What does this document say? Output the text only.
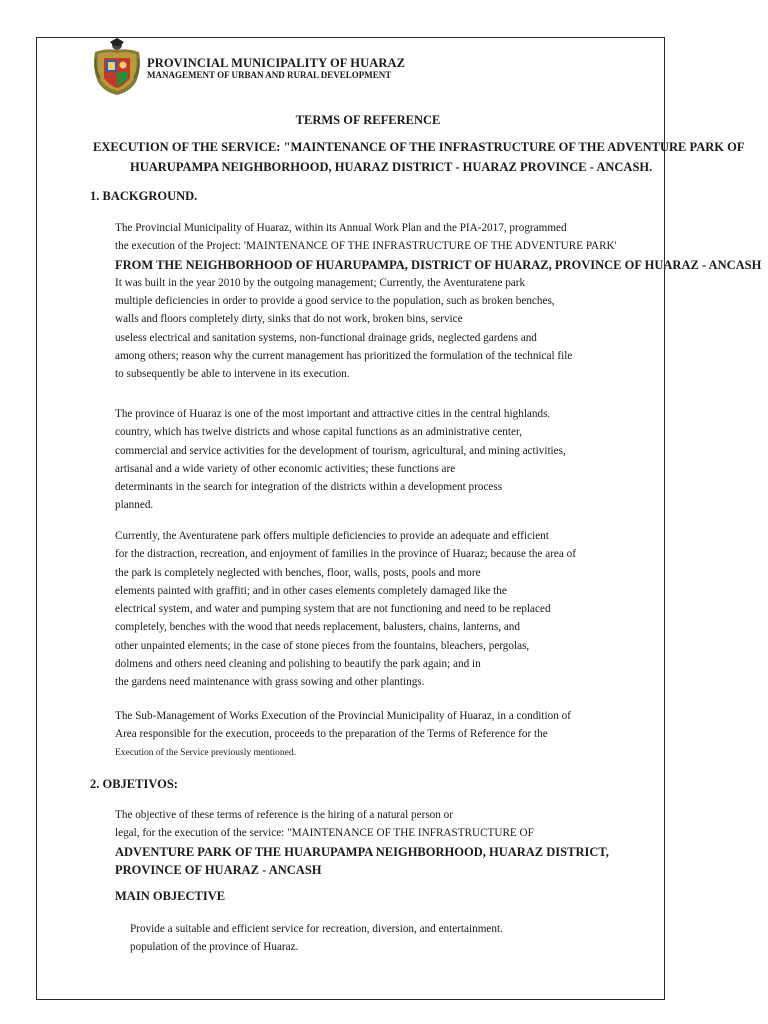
PROVINCIAL MUNICIPALITY OF HUARAZ
MANAGEMENT OF URBAN AND RURAL DEVELOPMENT
TERMS OF REFERENCE
EXECUTION OF THE SERVICE: "MAINTENANCE OF THE INFRASTRUCTURE OF THE ADVENTURE PARK OF
HUARUPAMPA NEIGHBORHOOD, HUARAZ DISTRICT - HUARAZ PROVINCE - ANCASH.
1. BACKGROUND.
The Provincial Municipality of Huaraz, within its Annual Work Plan and the PIA-2017, programmed
the execution of the Project: 'MAINTENANCE OF THE INFRASTRUCTURE OF THE ADVENTURE PARK'
FROM THE NEIGHBORHOOD OF HUARUPAMPA, DISTRICT OF HUARAZ, PROVINCE OF HUARAZ - ANCASH
It was built in the year 2010 by the outgoing management; Currently, the Aventuratene park
multiple deficiencies in order to provide a good service to the population, such as broken benches,
walls and floors completely dirty, sinks that do not work, broken bins, service
useless electrical and sanitation systems, non-functional drainage grids, neglected gardens and
among others; reason why the current management has prioritized the formulation of the technical file
to subsequently be able to intervene in its execution.
The province of Huaraz is one of the most important and attractive cities in the central highlands.
country, which has twelve districts and whose capital functions as an administrative center,
commercial and service activities for the development of tourism, agricultural, and mining activities,
artisanal and a wide variety of other economic activities; these functions are
determinants in the search for integration of the districts within a development process
planned.
Currently, the Aventuratene park offers multiple deficiencies to provide an adequate and efficient
for the distraction, recreation, and enjoyment of families in the province of Huaraz; because the area of
the park is completely neglected with benches, floor, walls, posts, pools and more
elements painted with graffiti; and in other cases elements completely damaged like the
electrical system, and water and pumping system that are not functioning and need to be replaced
completely, benches with the wood that needs replacement, balusters, chains, lanterns, and
other unpainted elements; in the case of stone pieces from the fountains, bleachers, pergolas,
dolmens and others need cleaning and polishing to beautify the park again; and in
the gardens need maintenance with grass sowing and other plantings.
The Sub-Management of Works Execution of the Provincial Municipality of Huaraz, in a condition of
Area responsible for the execution, proceeds to the preparation of the Terms of Reference for the
Execution of the Service previously mentioned.
2. OBJETIVOS:
The objective of these terms of reference is the hiring of a natural person or
legal, for the execution of the service: "MAINTENANCE OF THE INFRASTRUCTURE OF
ADVENTURE PARK OF THE HUARUPAMPA NEIGHBORHOOD, HUARAZ DISTRICT,
PROVINCE OF HUARAZ - ANCASH
MAIN OBJECTIVE
Provide a suitable and efficient service for recreation, diversion, and entertainment.
population of the province of Huaraz.
